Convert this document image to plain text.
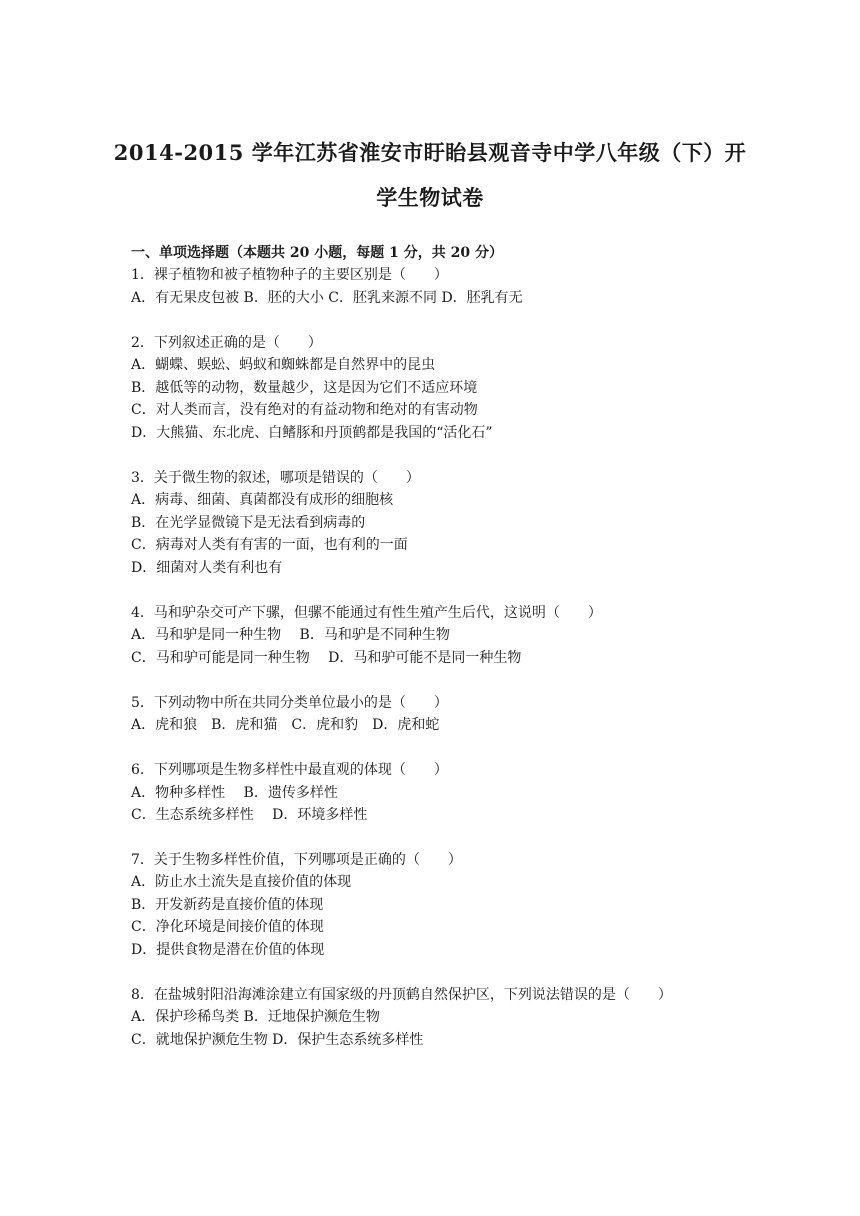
2014-2015 学年江苏省淮安市盱眙县观音寺中学八年级（下）开
学生物试卷
一、单项选择题（本题共 20 小题，每题 1 分，共 20 分）
1．裸子植物和被子植物种子的主要区别是（　　）
A．有无果皮包被 B．胚的大小 C．胚乳来源不同 D．胚乳有无
2．下列叙述正确的是（　　）
A．蝴蝶、蜈蚣、蚂蚁和蜘蛛都是自然界中的昆虫
B．越低等的动物，数量越少，这是因为它们不适应环境
C．对人类而言，没有绝对的有益动物和绝对的有害动物
D．大熊猫、东北虎、白鳍豚和丹顶鹤都是我国的“活化石”
3．关于微生物的叙述，哪项是错误的（　　）
A．病毒、细菌、真菌都没有成形的细胞核
B．在光学显微镜下是无法看到病毒的
C．病毒对人类有有害的一面，也有利的一面
D．细菌对人类有利也有
4．马和驴杂交可产下骡，但骡不能通过有性生殖产生后代，这说明（　　）
A．马和驴是同一种生物　 B．马和驴是不同种生物
C．马和驴可能是同一种生物　 D．马和驴可能不是同一种生物
5．下列动物中所在共同分类单位最小的是（　　）
A．虎和狼　B．虎和猫　C．虎和豹　D．虎和蛇
6．下列哪项是生物多样性中最直观的体现（　　）
A．物种多样性　 B．遗传多样性
C．生态系统多样性　 D．环境多样性
7．关于生物多样性价值，下列哪项是正确的（　　）
A．防止水土流失是直接价值的体现
B．开发新药是直接价值的体现
C．净化环境是间接价值的体现
D．提供食物是潜在价值的体现
8．在盐城射阳沿海滩涂建立有国家级的丹顶鹤自然保护区，下列说法错误的是（　　）
A．保护珍稀鸟类 B．迁地保护濒危生物
C．就地保护濒危生物 D．保护生态系统多样性
